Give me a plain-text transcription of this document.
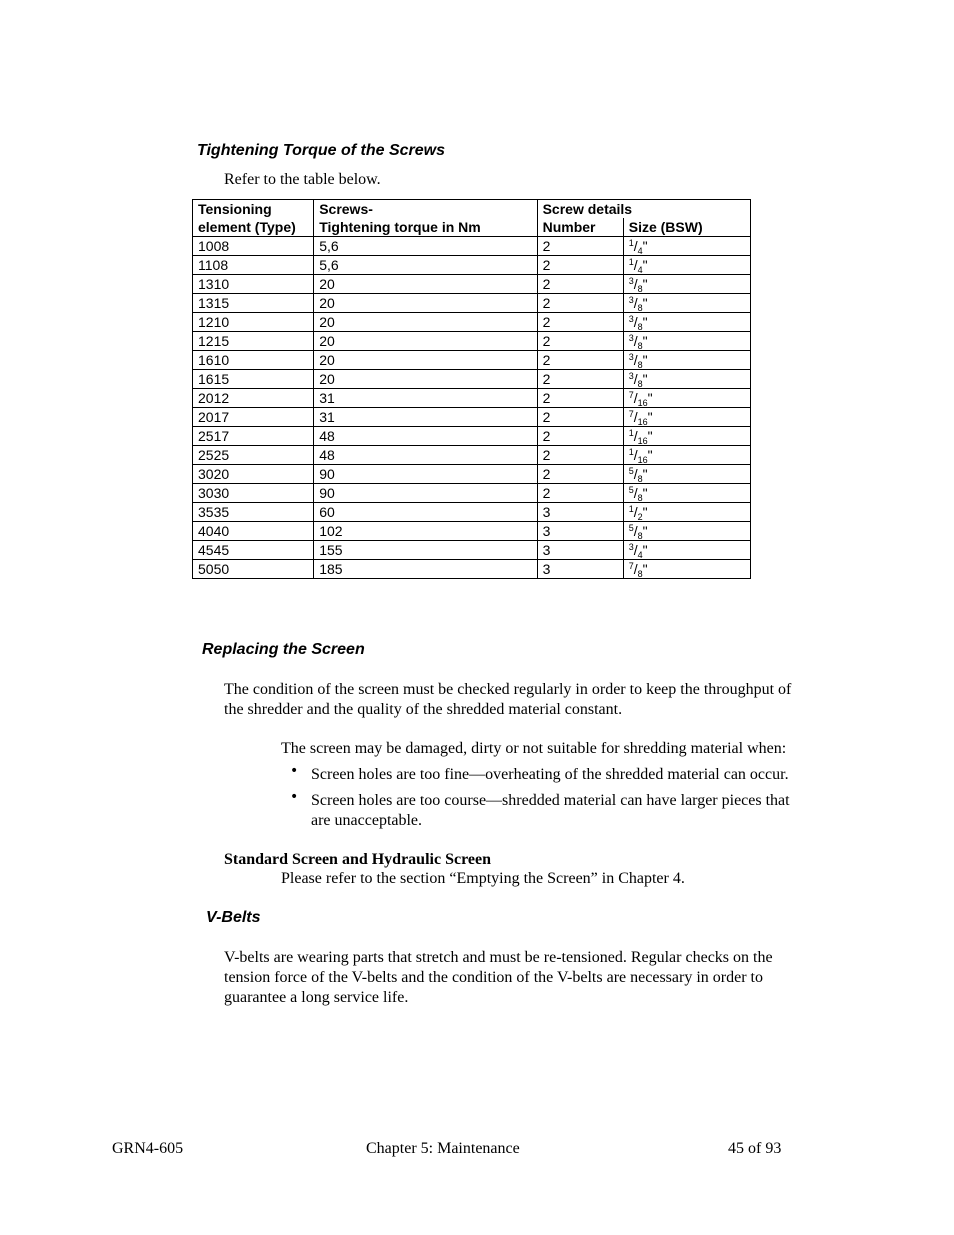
Tightening Torque of the Screws
Refer to the table below.
Tensioning	Screws-	Screw details	
element (Type)	Tightening torque in Nm	Number	Size (BSW)
1008	5,6	2	$^1/_4$"
1108	5,6	2	$^1/_4$"
1310	20	2	$^3/_8$"
1315	20	2	$^3/_8$"
1210	20	2	$^3/_8$"
1215	20	2	$^3/_8$"
1610	20	2	$^3/_8$"
1615	20	2	$^3/_8$"
2012	31	2	$^7/_{16}$"
2017	31	2	$^7/_{16}$"
2517	48	2	$^1/_{16}$"
2525	48	2	$^1/_{16}$"
3020	90	2	$^5/_8$"
3030	90	2	$^5/_8$"
3535	60	3	$^1/_2$"
4040	102	3	$^5/_8$"
4545	155	3	$^3/_4$"
5050	185	3	$^7/_8$"
Replacing the Screen
The condition of the screen must be checked regularly in order to keep the throughput of
the shredder and the quality of the shredded material constant.
The screen may be damaged, dirty or not suitable for shredding material when:
• Screen holes are too fine—overheating of the shredded material can occur.
• Screen holes are too course—shredded material can have larger pieces that
are unacceptable.
Standard Screen and Hydraulic Screen
Please refer to the section “Emptying the Screen” in Chapter 4.
V-Belts
V-belts are wearing parts that stretch and must be re-tensioned. Regular checks on the
tension force of the V-belts and the condition of the V-belts are necessary in order to
guarantee a long service life.
GRN4-605	Chapter 5: Maintenance	45 of 93
